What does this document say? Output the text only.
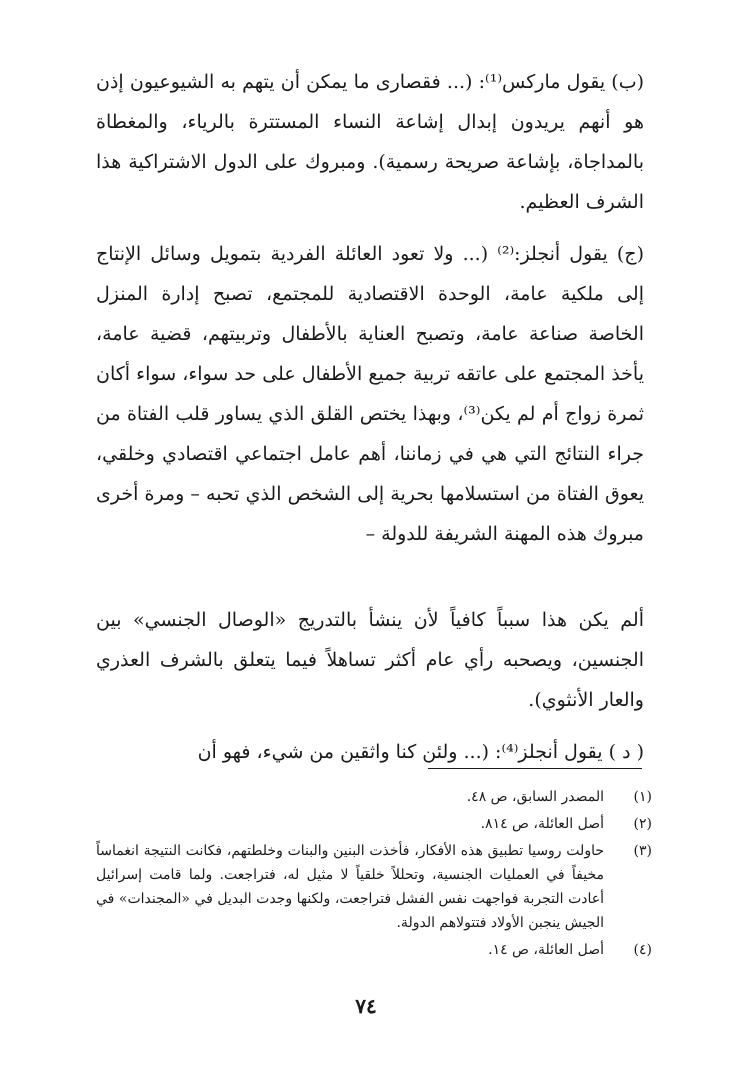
(ب) يقول ماركس⁽¹⁾: (... فقصارى ما يمكن أن يتهم به الشيوعيون إذن هو أنهم يريدون إبدال إشاعة النساء المستترة بالرياء، والمغطاة بالمداجاة، بإشاعة صريحة رسمية). ومبروك على الدول الاشتراكية هذا الشرف العظيم.

(ج) يقول أنجلز:⁽²⁾ (... ولا تعود العائلة الفردية بتمويل وسائل الإنتاج إلى ملكية عامة، الوحدة الاقتصادية للمجتمع، تصبح إدارة المنزل الخاصة صناعة عامة، وتصبح العناية بالأطفال وتربيتهم، قضية عامة، يأخذ المجتمع على عاتقه تربية جميع الأطفال على حد سواء، سواء أكان ثمرة زواج أم لم يكن⁽³⁾، وبهذا يختص القلق الذي يساور قلب الفتاة من جراء النتائج التي هي في زماننا، أهم عامل اجتماعي اقتصادي وخلقي، يعوق الفتاة من استسلامها بحرية إلى الشخص الذي تحبه – ومرة أخرى مبروك هذه المهنة الشريفة للدولة –

ألم يكن هذا سبباً كافياً لأن ينشأ بالتدريج «الوصال الجنسي» بين الجنسين، ويصحبه رأي عام أكثر تساهلاً فيما يتعلق بالشرف العذري والعار الأنثوي).

( د ) يقول أنجلز⁽⁴⁾: (... ولئن كنا واثقين من شيء، فهو أن

(١)
المصدر السابق، ص ٤٨.
(٢)
أصل العائلة، ص ٨١٤.
(٣)
حاولت روسيا تطبيق هذه الأفكار، فأخذت البنين والبنات وخلطتهم، فكانت النتيجة انغماساً مخيفاً في العمليات الجنسية، وتحللاً خلقياً لا مثيل له، فتراجعت. ولما قامت إسرائيل أعادت التجربة فواجهت نفس الفشل فتراجعت، ولكنها وجدت البديل في «المجندات» في الجيش ينجبن الأولاد فتتولاهم الدولة.
(٤)
أصل العائلة، ص ١٤.
٧٤
